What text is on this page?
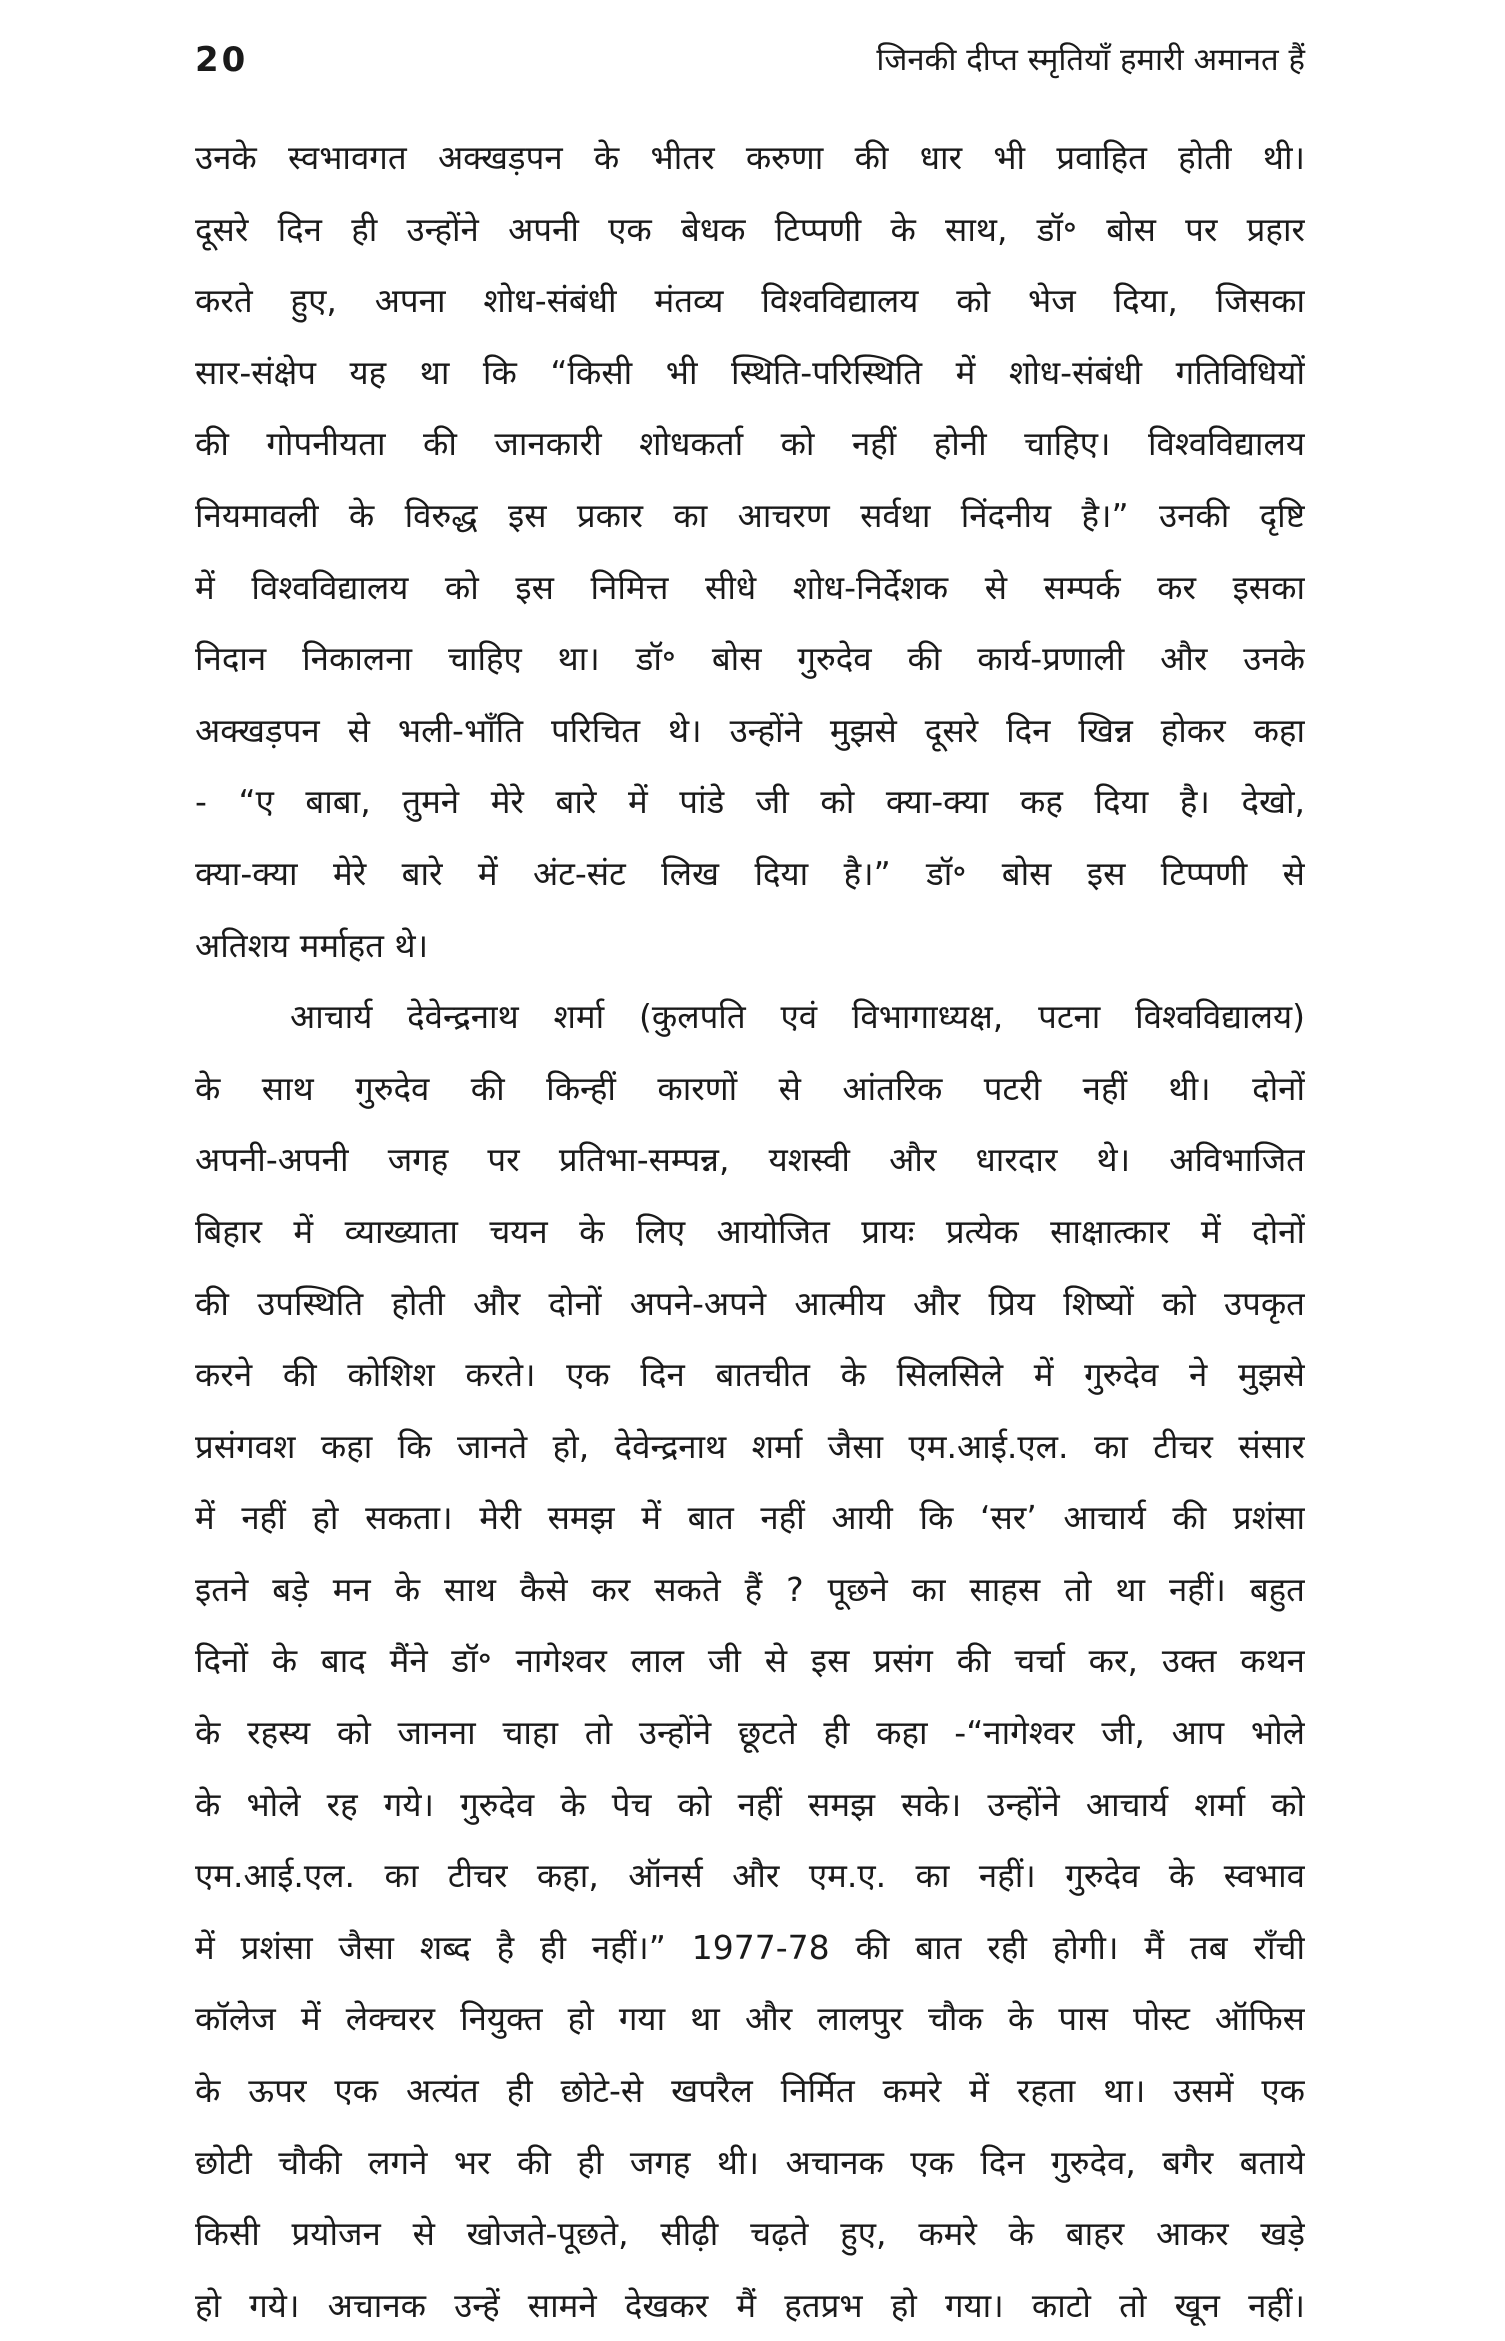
20	जिनकी दीप्त स्मृतियाँ हमारी अमानत हैं
उनके स्वभावगत अक्खड़पन के भीतर करुणा की धार भी प्रवाहित होती थी।
दूसरे दिन ही उन्होंने अपनी एक बेधक टिप्पणी के साथ, डॉ॰ बोस पर प्रहार
करते हुए, अपना शोध-संबंधी मंतव्य विश्वविद्यालय को भेज दिया, जिसका
सार-संक्षेप यह था कि “किसी भी स्थिति-परिस्थिति में शोध-संबंधी गतिविधियों
की गोपनीयता की जानकारी शोधकर्ता को नहीं होनी चाहिए। विश्वविद्यालय
नियमावली के विरुद्ध इस प्रकार का आचरण सर्वथा निंदनीय है।” उनकी दृष्टि
में विश्वविद्यालय को इस निमित्त सीधे शोध-निर्देशक से सम्पर्क कर इसका
निदान निकालना चाहिए था। डॉ॰ बोस गुरुदेव की कार्य-प्रणाली और उनके
अक्खड़पन से भली-भाँति परिचित थे। उन्होंने मुझसे दूसरे दिन खिन्न होकर कहा
- “ए बाबा, तुमने मेरे बारे में पांडे जी को क्या-क्या कह दिया है। देखो,
क्या-क्या मेरे बारे में अंट-संट लिख दिया है।” डॉ॰ बोस इस टिप्पणी से
अतिशय मर्माहत थे।
आचार्य देवेन्द्रनाथ शर्मा (कुलपति एवं विभागाध्यक्ष, पटना विश्वविद्यालय)
के साथ गुरुदेव की किन्हीं कारणों से आंतरिक पटरी नहीं थी। दोनों
अपनी-अपनी जगह पर प्रतिभा-सम्पन्न, यशस्वी और धारदार थे। अविभाजित
बिहार में व्याख्याता चयन के लिए आयोजित प्रायः प्रत्येक साक्षात्कार में दोनों
की उपस्थिति होती और दोनों अपने-अपने आत्मीय और प्रिय शिष्यों को उपकृत
करने की कोशिश करते। एक दिन बातचीत के सिलसिले में गुरुदेव ने मुझसे
प्रसंगवश कहा कि जानते हो, देवेन्द्रनाथ शर्मा जैसा एम.आई.एल. का टीचर संसार
में नहीं हो सकता। मेरी समझ में बात नहीं आयी कि ‘सर’ आचार्य की प्रशंसा
इतने बड़े मन के साथ कैसे कर सकते हैं ? पूछने का साहस तो था नहीं। बहुत
दिनों के बाद मैंने डॉ॰ नागेश्वर लाल जी से इस प्रसंग की चर्चा कर, उक्त कथन
के रहस्य को जानना चाहा तो उन्होंने छूटते ही कहा -“नागेश्वर जी, आप भोले
के भोले रह गये। गुरुदेव के पेच को नहीं समझ सके। उन्होंने आचार्य शर्मा को
एम.आई.एल. का टीचर कहा, ऑनर्स और एम.ए. का नहीं। गुरुदेव के स्वभाव
में प्रशंसा जैसा शब्द है ही नहीं।” 1977-78 की बात रही होगी। मैं तब राँची
कॉलेज में लेक्चरर नियुक्त हो गया था और लालपुर चौक के पास पोस्ट ऑफिस
के ऊपर एक अत्यंत ही छोटे-से खपरैल निर्मित कमरे में रहता था। उसमें एक
छोटी चौकी लगने भर की ही जगह थी। अचानक एक दिन गुरुदेव, बगैर बताये
किसी प्रयोजन से खोजते-पूछते, सीढ़ी चढ़ते हुए, कमरे के बाहर आकर खड़े
हो गये। अचानक उन्हें सामने देखकर मैं हतप्रभ हो गया। काटो तो खून नहीं।
